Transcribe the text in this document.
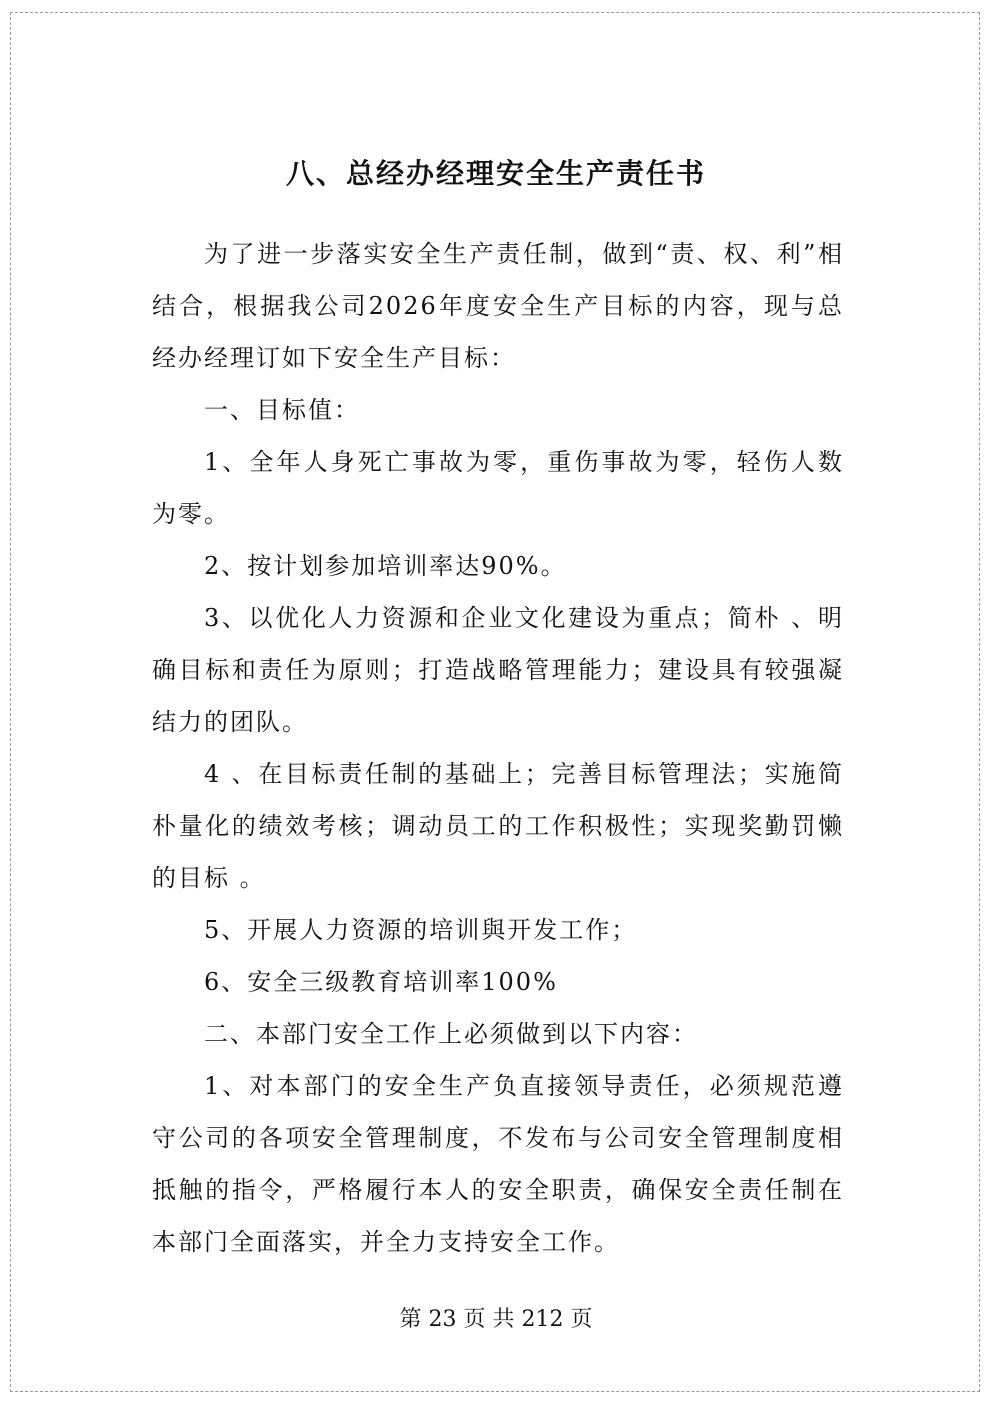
八、总经办经理安全生产责任书

为了进一步落实安全生产责任制，做到“责、权、利”相结合，根据我公司2026年度安全生产目标的内容，现与总经办经理订如下安全生产目标：

一、目标值：

1、全年人身死亡事故为零，重伤事故为零，轻伤人数为零。

2、按计划参加培训率达90%。

3、以优化人力资源和企业文化建设为重点；简朴 、明确目标和责任为原则；打造战略管理能力；建设具有较强凝结力的团队。

4 、在目标责任制的基础上；完善目标管理法；实施简朴量化的绩效考核；调动员工的工作积极性；实现奖勤罚懒的目标 。

5、开展人力资源的培训與开发工作；

6、安全三级教育培训率100%

二、本部门安全工作上必须做到以下内容：

1、对本部门的安全生产负直接领导责任，必须规范遵守公司的各项安全管理制度，不发布与公司安全管理制度相抵触的指令，严格履行本人的安全职责，确保安全责任制在本部门全面落实，并全力支持安全工作。

第 23 页 共 212 页
